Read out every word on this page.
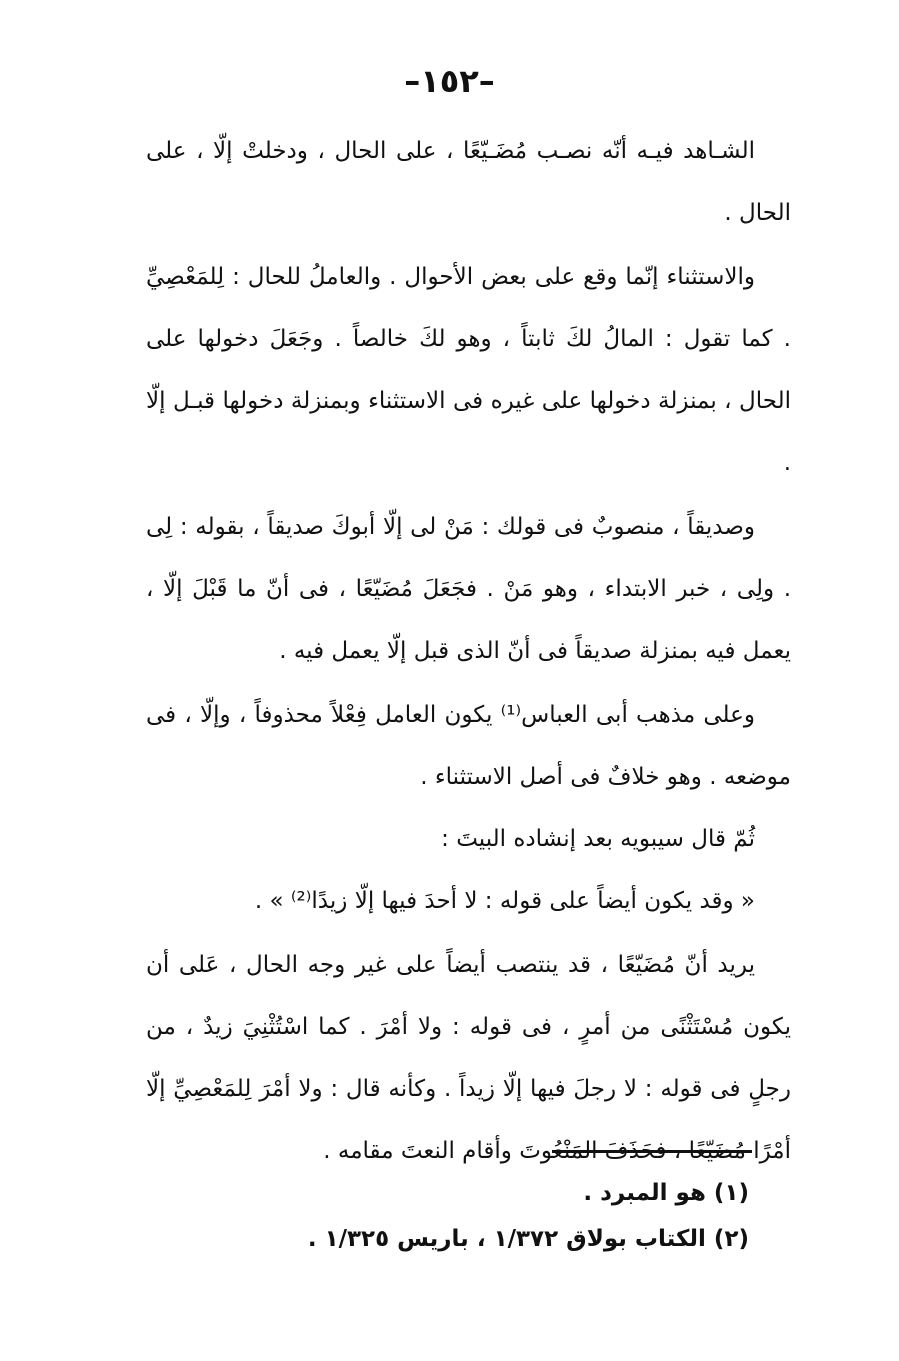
–١٥٢–

الشـاهد فيـه أنّه نصـب مُضَـيّعًا ، على الحال ، ودخلتْ إلّا ، على الحال .

والاستثناء إنّما وقع على بعض الأحوال . والعاملُ للحال : لِلمَعْصِيِّ . كما تقول : المالُ لكَ ثابتاً ، وهو لكَ خالصاً . وجَعَلَ دخولها على الحال ، بمنزلة دخولها على غيره فى الاستثناء وبمنزلة دخولها قبـل إلّا .

وصديقاً ، منصوبٌ فى قولك : مَنْ لى إلّا أبوكَ صديقاً ، بقوله : لِى . ولِى ، خبر الابتداء ، وهو مَنْ . فجَعَلَ مُضَيّعًا ، فى أنّ ما قَبْلَ إلّا ، يعمل فيه بمنزلة صديقاً فى أنّ الذى قبل إلّا يعمل فيه .

وعلى مذهب أبى العباس⁽¹⁾ يكون العامل فِعْلاً محذوفاً ، وإلّا ، فى موضعه . وهو خلافٌ فى أصل الاستثناء .

ثُمّ قال سيبويه بعد إنشاده البيتَ :

« وقد يكون أيضاً على قوله : لا أحدَ فيها إلّا زيدًا⁽²⁾ » .

يريد أنّ مُضَيّعًا ، قد ينتصب أيضاً على غير وجه الحال ، عَلى أن يكون مُسْتَثْنًى من أمرٍ ، فى قوله : ولا أمْرَ . كما اسْتُثْنِيَ زيدٌ ، من رجلٍ فى قوله : لا رجلَ فيها إلّا زيداً . وكأنه قال : ولا أمْرَ لِلمَعْصِيِّ إلّا أمْرًا مُضَيّعًا ، فحَذَفَ المَنْعُوتَ وأقام النعتَ مقامه .

(١) هو المبرد .

(٢) الكتاب بولاق ١/٣٧٢ ، باريس ١/٣٢٥ .
